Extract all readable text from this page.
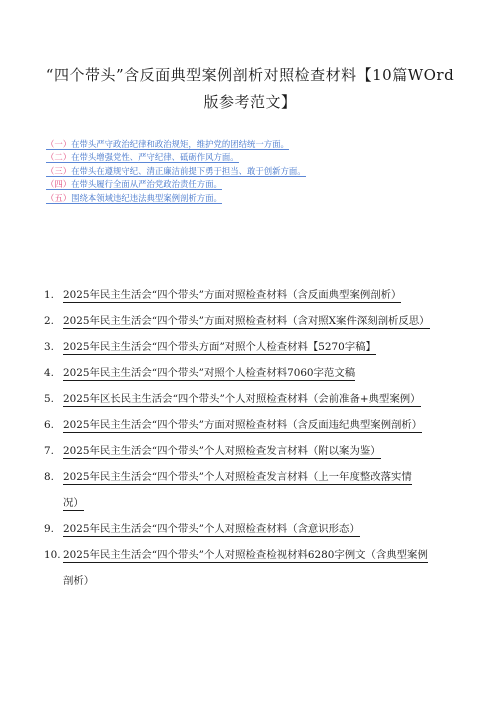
“四个带头”含反面典型案例剖析对照检查材料【10篇WOrd
版参考范文】
（一）在带头严守政治纪律和政治规矩，维护党的团结统一方面。
（二）在带头增强党性、严守纪律、砥砺作风方面。
（三）在带头在遵规守纪、清正廉洁前提下勇于担当、敢于创新方面。
（四）在带头履行全面从严治党政治责任方面。
（五）围绕本领域违纪违法典型案例剖析方面。
1. 2025年民主生活会“四个带头”方面对照检查材料（含反面典型案例剖析）
2. 2025年民主生活会“四个带头”方面对照检查材料（含对照X案件深刻剖析反思）
3. 2025年民主生活会“四个带头方面”对照个人检查材料【5270字稿】
4. 2025年民主生活会“四个带头”对照个人检查材料7060字范文稿
5. 2025年区长民主生活会“四个带头”个人对照检查材料（会前准备+典型案例）
6. 2025年民主生活会“四个带头”方面对照检查材料（含反面违纪典型案例剖析）
7. 2025年民主生活会“四个带头”个人对照检查发言材料（附以案为鉴）
8. 2025年民主生活会“四个带头”个人对照检查发言材料（上一年度整改落实情
况）
9. 2025年民主生活会“四个带头”个人对照检查材料（含意识形态）
10. 2025年民主生活会“四个带头”个人对照检查检视材料6280字例文（含典型案例
剖析）
